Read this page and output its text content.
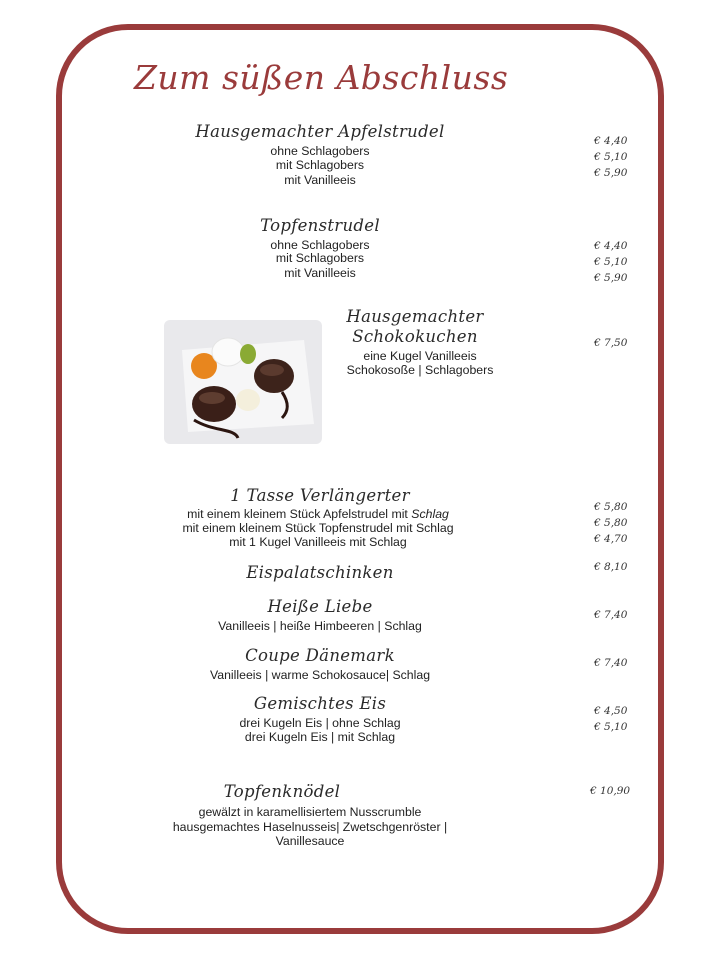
Zum süßen Abschluss
Hausgemachter Apfelstrudel
ohne Schlagobers
mit Schlagobers
mit Vanilleeis
€ 4,40
€ 5,10
€ 5,90
Topfenstrudel
ohne Schlagobers
mit Schlagobers
mit Vanilleeis
€ 4,40
€ 5,10
€ 5,90
Hausgemachter
Schokokuchen
eine Kugel Vanilleeis
Schokosoße | Schlagobers
€ 7,50
1 Tasse Verlängerter
mit einem kleinem Stück Apfelstrudel mit Schlag
mit einem kleinem Stück Topfenstrudel mit Schlag
mit 1 Kugel Vanilleeis mit Schlag
€ 5,80
€ 5,80
€ 4,70
Eispalatschinken	€ 8,10
Heiße Liebe
Vanilleeis | heiße Himbeeren | Schlag
€ 7,40
Coupe Dänemark
Vanilleeis | warme Schokosauce| Schlag
€ 7,40
Gemischtes Eis
drei Kugeln Eis | ohne Schlag
drei Kugeln Eis | mit Schlag
€ 4,50
€ 5,10
Topfenknödel
gewälzt in karamellisiertem Nusscrumble
hausgemachtes Haselnusseis| Zwetschgenröster |
Vanillesauce
€ 10,90
